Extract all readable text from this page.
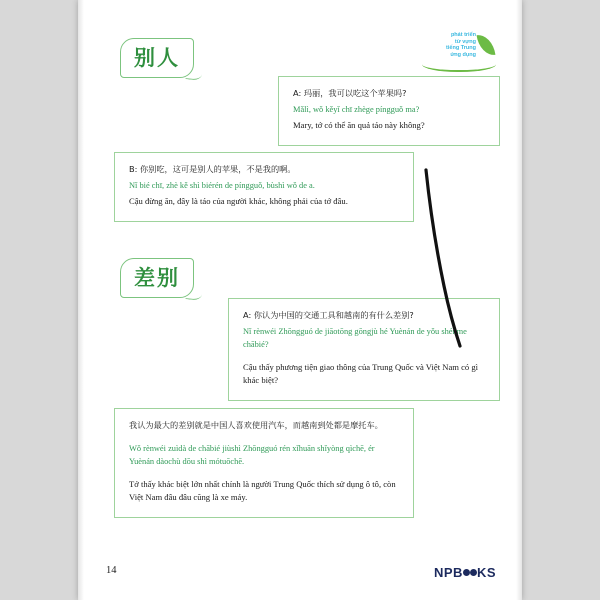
phát triển
từ vựng
tiếng Trung
ứng dụng
别人

A: 玛丽，我可以吃这个苹果吗?

Mǎlì, wǒ kěyǐ chī zhège píngguǒ ma?

Mary, tớ có thể ăn quả táo này không?

B: 你别吃，这可是别人的苹果，不是我的啊。

Nǐ bié chī, zhè kě shì biérén de píngguǒ, bùshì wǒ de a.

Cậu đừng ăn, đây là táo của người khác, không phải của tớ đâu.

差别

A: 你认为中国的交通工具和越南的有什么差别?

Nǐ rènwéi Zhōngguó de jiāotōng gōngjù hé Yuènán de yǒu shénme chābié?

Cậu thấy phương tiện giao thông của Trung Quốc và Việt Nam có gì khác biệt?

我认为最大的差别就是中国人喜欢使用汽车，而越南到处都是摩托车。

Wǒ rènwéi zuìdà de chābié jiùshì Zhōngguó rén xǐhuān shǐyòng qìchē, ér Yuènán dàochù dōu shì mótuōchē.

Tớ thấy khác biệt lớn nhất chính là người Trung Quốc thích sử dụng ô tô, còn Việt Nam đâu đâu cũng là xe máy.

14	NPB KS
